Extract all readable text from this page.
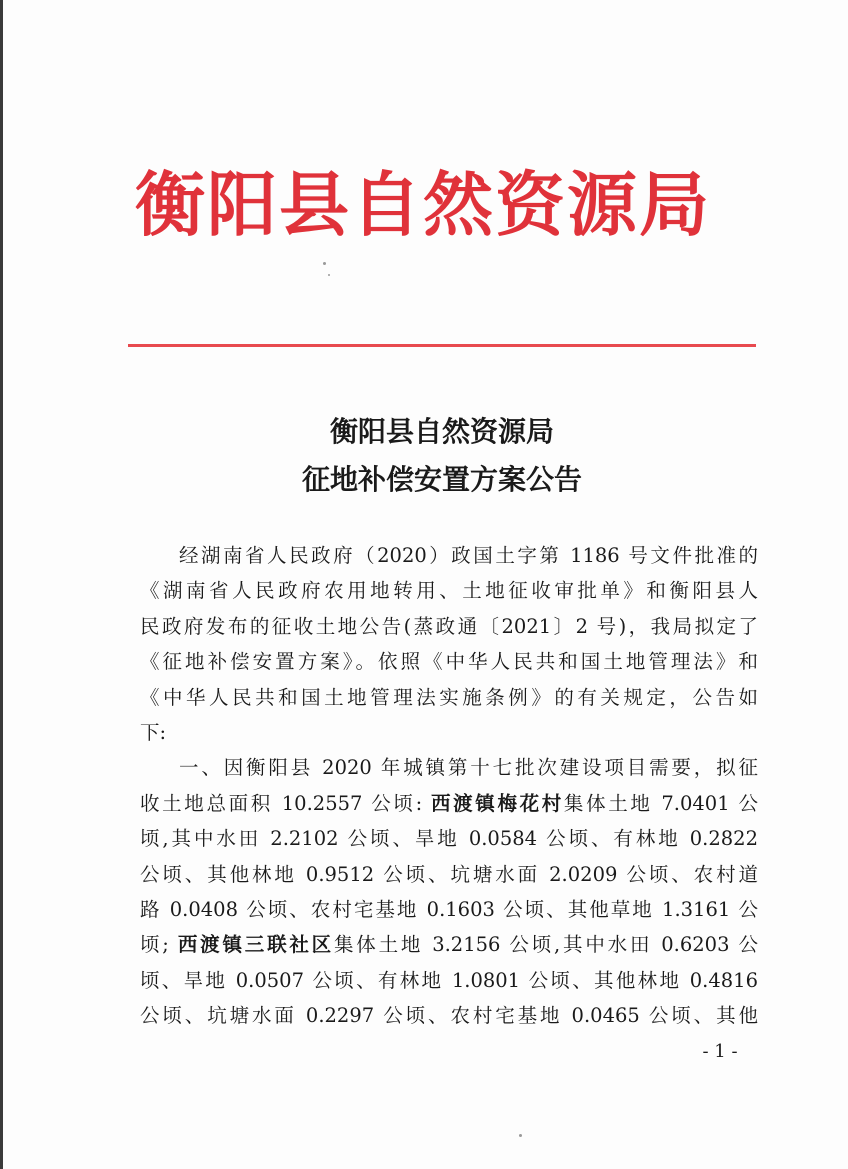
衡阳县自然资源局
衡阳县自然资源局
征地补偿安置方案公告
经湖南省人民政府（2020）政国土字第 1186 号文件批准的
《湖南省人民政府农用地转用、土地征收审批单》和衡阳县人
民政府发布的征收土地公告(蒸政通〔2021〕2 号)，我局拟定了
《征地补偿安置方案》。依照《中华人民共和国土地管理法》和
《中华人民共和国土地管理法实施条例》的有关规定，公告如
下:
一、因衡阳县 2020 年城镇第十七批次建设项目需要，拟征
收土地总面积 10.2557 公顷: 西渡镇梅花村集体土地 7.0401 公
顷,其中水田 2.2102 公顷、旱地 0.0584 公顷、有林地 0.2822
公顷、其他林地 0.9512 公顷、坑塘水面 2.0209 公顷、农村道
路 0.0408 公顷、农村宅基地 0.1603 公顷、其他草地 1.3161 公
顷; 西渡镇三联社区集体土地 3.2156 公顷,其中水田 0.6203 公
顷、旱地 0.0507 公顷、有林地 1.0801 公顷、其他林地 0.4816
公顷、坑塘水面 0.2297 公顷、农村宅基地 0.0465 公顷、其他
- 1 -
